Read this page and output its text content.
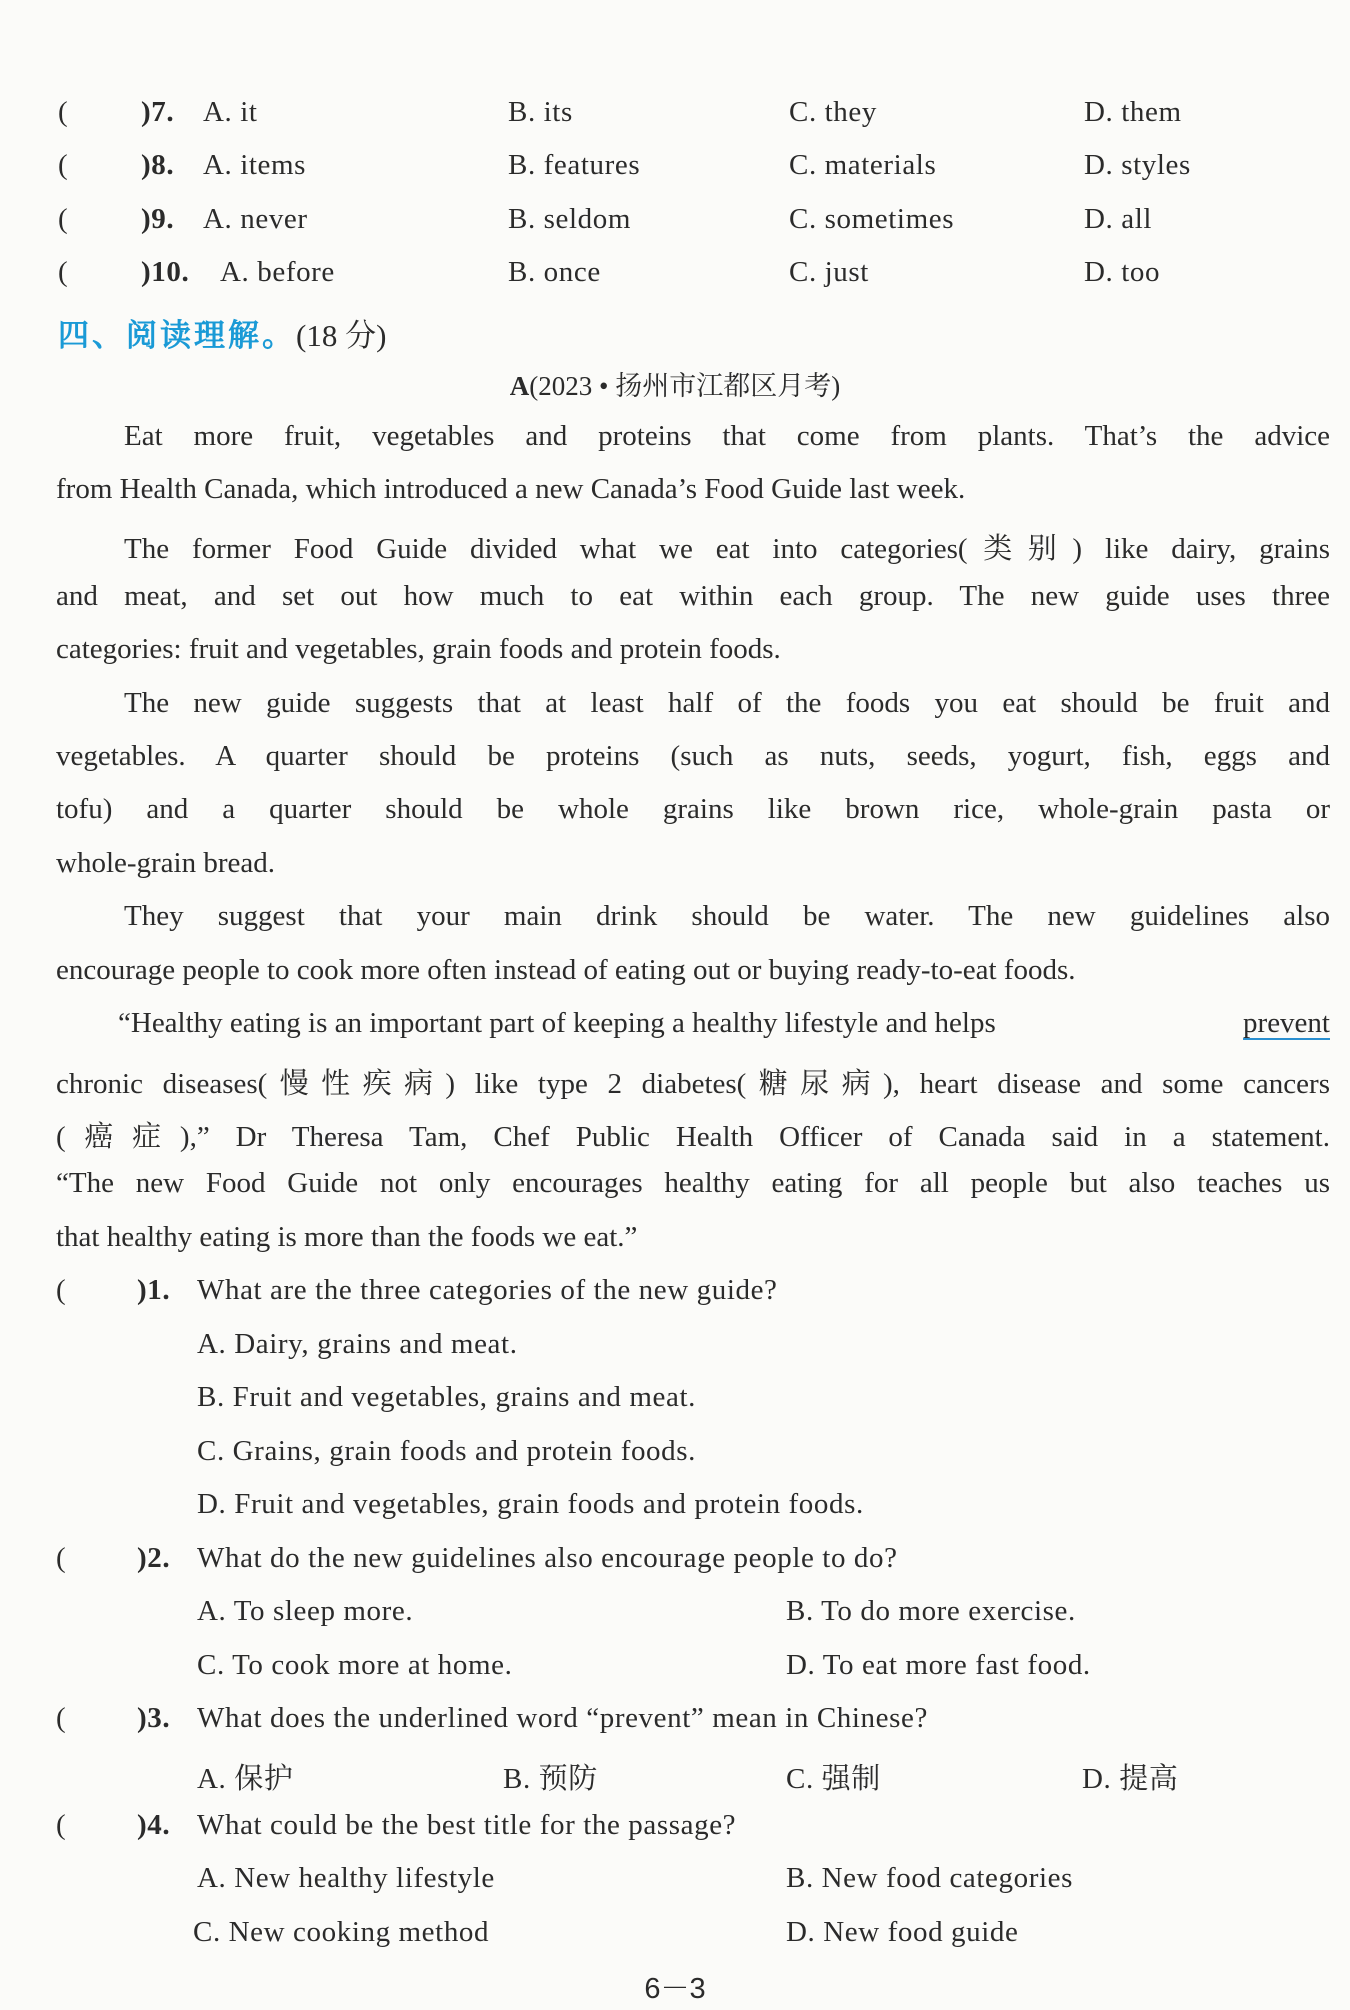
(	)7. A. it	B. its	C. they	D. them
(	)8. A. items	B. features	C. materials	D. styles
(	)9. A. never	B. seldom	C. sometimes	D. all
(	)10. A. before	B. once	C. just	D. too
四、阅读理解。(18 分)
A(2023 • 扬州市江都区月考)
Eat more fruit, vegetables and proteins that come from plants. That’s the advice
from Health Canada, which introduced a new Canada’s Food Guide last week.
The former Food Guide divided what we eat into categories(类别) like dairy, grains
and meat, and set out how much to eat within each group. The new guide uses three
categories: fruit and vegetables, grain foods and protein foods.
The new guide suggests that at least half of the foods you eat should be fruit and
vegetables. A quarter should be proteins (such as nuts, seeds, yogurt, fish, eggs and
tofu) and a quarter should be whole grains like brown rice, whole-grain pasta or
whole-grain bread.
They suggest that your main drink should be water. The new guidelines also
encourage people to cook more often instead of eating out or buying ready-to-eat foods.
“Healthy eating is an important part of keeping a healthy lifestyle and helps	prevent
chronic diseases(慢性疾病) like type 2 diabetes(糖尿病), heart disease and some cancers
(癌症),” Dr Theresa Tam, Chef Public Health Officer of Canada said in a statement.
“The new Food Guide not only encourages healthy eating for all people but also teaches us
that healthy eating is more than the foods we eat.”
( )1. What are the three categories of the new guide?
A. Dairy, grains and meat.
B. Fruit and vegetables, grains and meat.
C. Grains, grain foods and protein foods.
D. Fruit and vegetables, grain foods and protein foods.
( )2. What do the new guidelines also encourage people to do?
A. To sleep more.	B. To do more exercise.
C. To cook more at home.	D. To eat more fast food.
( )3. What does the underlined word “prevent” mean in Chinese?
A. 保护	B. 预防	C. 强制	D. 提高
( )4. What could be the best title for the passage?
A. New healthy lifestyle	B. New food categories
C. New cooking method	D. New food guide
6－3
